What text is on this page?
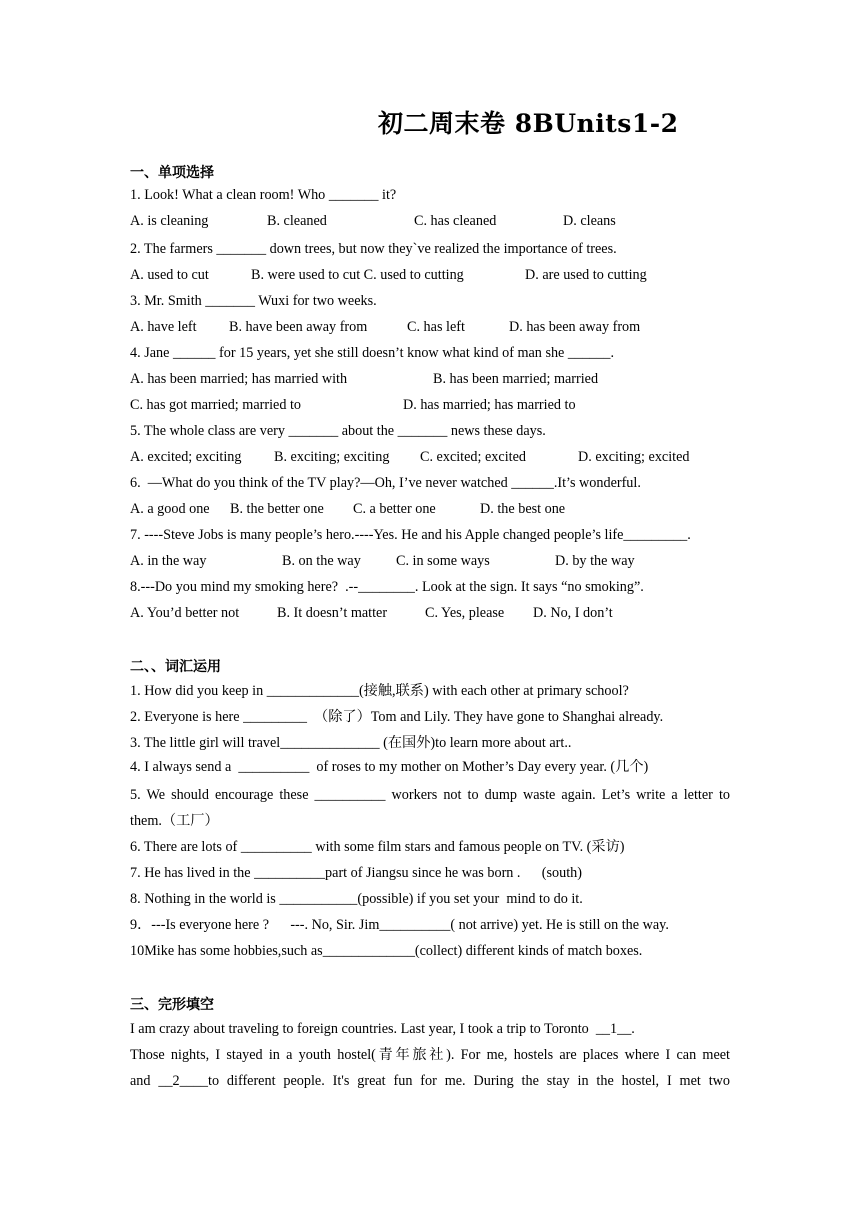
初二周末卷 8BUnits1-2
一、单项选择
1. Look! What a clean room! Who _______ it?
A. is cleaning	B. cleaned	C. has cleaned	D. cleans
2. The farmers _______ down trees, but now they`ve realized the importance of trees.
A. used to cut	B. were used to cut C. used to cutting	D. are used to cutting
3. Mr. Smith _______ Wuxi for two weeks.
A. have left B. have been away from	C. has left	D. has been away from
4. Jane ______ for 15 years, yet she still doesn’t know what kind of man she ______.
A. has been married; has married with	B. has been married; married
C. has got married; married to	D. has married; has married to
5. The whole class are very _______ about the _______ news these days.
A. excited; exciting B. exciting; exciting C. excited; excited	D. exciting; excited
6.  —What do you think of the TV play?—Oh, I’ve never watched ______.It’s wonderful.
A. a good one B. the better one C. a better one	D. the best one
7. ----Steve Jobs is many people’s hero.----Yes. He and his Apple changed people’s life_________.
A. in the way	B. on the way C. in some ways	D. by the way
8.---Do you mind my smoking here?  .--________. Look at the sign. It says “no smoking”.
A. You’d better not	B. It doesn’t matter	C. Yes, please D. No, I don’t
二、、词汇运用
1. How did you keep in _____________(接触,联系) with each other at primary school?
2. Everyone is here _________  （除了）Tom and Lily. They have gone to Shanghai already.
3. The little girl will travel______________ (在国外)to learn more about art..
4. I always send a  __________  of roses to my mother on Mother’s Day every year. (几个)
5. We should encourage these __________ workers not to dump waste again. Let’s write a letter to
them.（工厂）
6. There are lots of __________ with some film stars and famous people on TV. (采访)
7. He has lived in the __________part of Jiangsu since he was born .      (south)
8. Nothing in the world is ___________(possible) if you set your  mind to do it.
9．---Is everyone here ?      ---. No, Sir. Jim__________( not arrive) yet. He is still on the way.
10Mike has some hobbies,such as_____________(collect) different kinds of match boxes.
三、完形填空
I am crazy about traveling to foreign countries. Last year, I took a trip to Toronto  __1__.
Those nights, I stayed in a youth hostel(青年旅社). For me, hostels are places where I can meet
and __2____to different people. It's great fun for me. During the stay in the hostel, I met two
